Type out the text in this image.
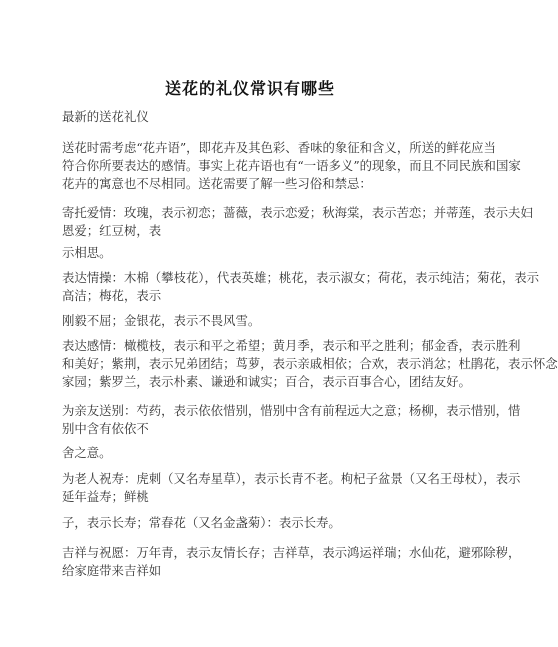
送花的礼仪常识有哪些
最新的送花礼仪
送花时需考虑“花卉语”，即花卉及其色彩、香味的象征和含义，所送的鲜花应当
符合你所要表达的感情。事实上花卉语也有“一语多义”的现象，而且不同民族和国家
花卉的寓意也不尽相同。送花需要了解一些习俗和禁忌：
寄托爱情：玫瑰，表示初恋；蔷薇，表示恋爱；秋海棠，表示苦恋；并蒂莲，表示夫妇
恩爱；红豆树，表
示相思。
表达情操：木棉（攀枝花），代表英雄；桃花，表示淑女；荷花，表示纯洁；菊花，表示
高洁；梅花，表示
刚毅不屈；金银花，表示不畏风雪。
表达感情：橄榄枝，表示和平之希望；黄月季，表示和平之胜利；郁金香，表示胜利
和美好；紫荆，表示兄弟团结；茑萝，表示亲戚相依；合欢，表示消忿；杜鹃花，表示怀念
家园；紫罗兰，表示朴素、谦逊和诚实；百合，表示百事合心，团结友好。
为亲友送别：芍药，表示依依惜别，惜别中含有前程远大之意；杨柳，表示惜别，惜
别中含有依依不
舍之意。
为老人祝寿：虎刺（又名寿星草），表示长青不老。枸杞子盆景（又名王母杖），表示
延年益寿；鲜桃
子，表示长寿；常春花（又名金盏菊）：表示长寿。
吉祥与祝愿：万年青，表示友情长存；吉祥草，表示鸿运祥瑞；水仙花，避邪除秽，
给家庭带来吉祥如
